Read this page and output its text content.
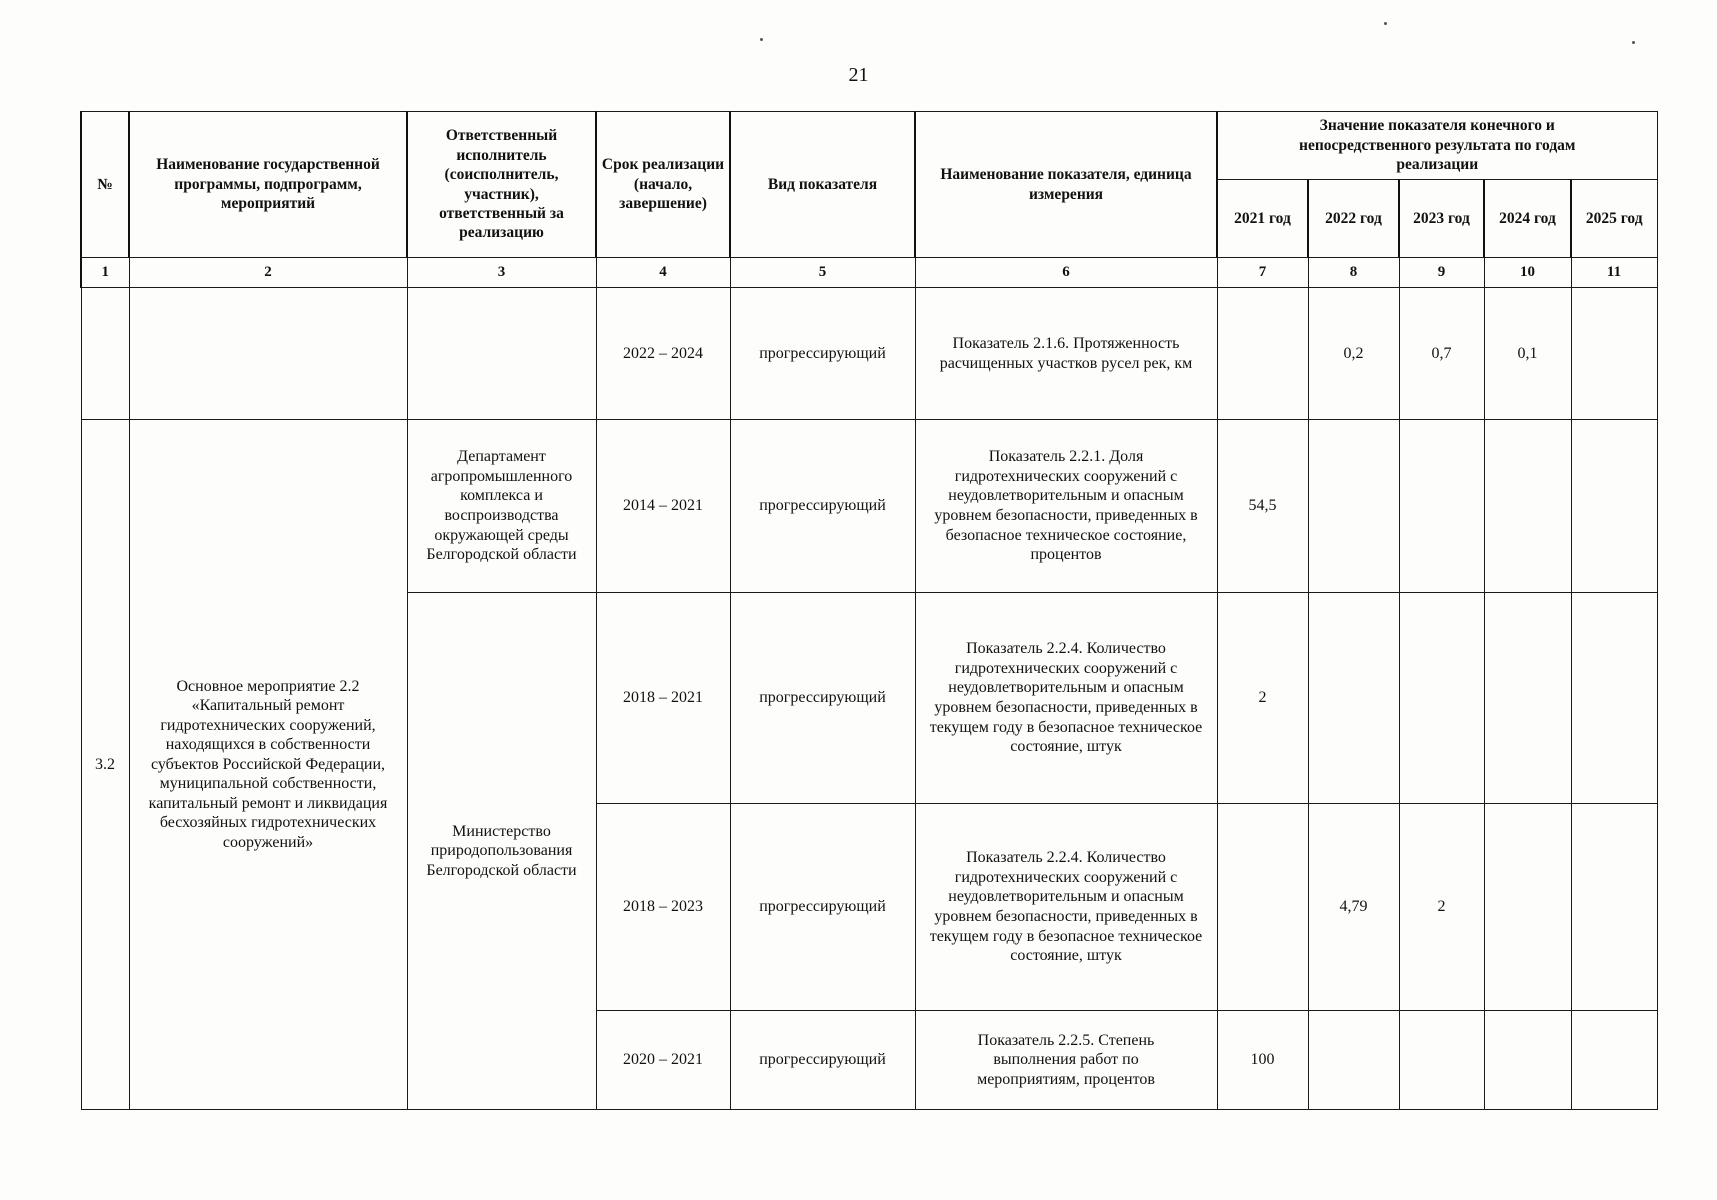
21
№	Наименование государственной программы, подпрограмм, мероприятий	Ответственный исполнитель (соисполнитель, участник), ответственный за реализацию	Срок реализации (начало, завершение)	Вид показателя	Наименование показателя, единица измерения	Значение показателя конечного и непосредственного результата по годам реализации				
						2021 год	2022 год	2023 год	2024 год	2025 год
1	2	3	4	5	6	7	8	9	10	11
			2022 – 2024	прогрессирующий	Показатель 2.1.6. Протяженность расчищенных участков русел рек, км		0,2	0,7	0,1	
3.2	Основное мероприятие 2.2 «Капитальный ремонт гидротехнических сооружений, находящихся в собственности субъектов Российской Федерации, муниципальной собственности, капитальный ремонт и ликвидация бесхозяйных гидротехнических сооружений»	Департамент агропромышленного комплекса и воспроизводства окружающей среды Белгородской области	2014 – 2021	прогрессирующий	Показатель 2.2.1. Доля гидротехнических сооружений с неудовлетворительным и опасным уровнем безопасности, приведенных в безопасное техническое состояние, процентов	54,5				
		Министерство природопользования Белгородской области	2018 – 2021	прогрессирующий	Показатель 2.2.4. Количество гидротехнических сооружений с неудовлетворительным и опасным уровнем безопасности, приведенных в текущем году в безопасное техническое состояние, штук	2				
			2018 – 2023	прогрессирующий	Показатель 2.2.4. Количество гидротехнических сооружений с неудовлетворительным и опасным уровнем безопасности, приведенных в текущем году в безопасное техническое состояние, штук		4,79	2		
			2020 – 2021	прогрессирующий	Показатель 2.2.5. Степень выполнения работ по мероприятиям, процентов	100				
